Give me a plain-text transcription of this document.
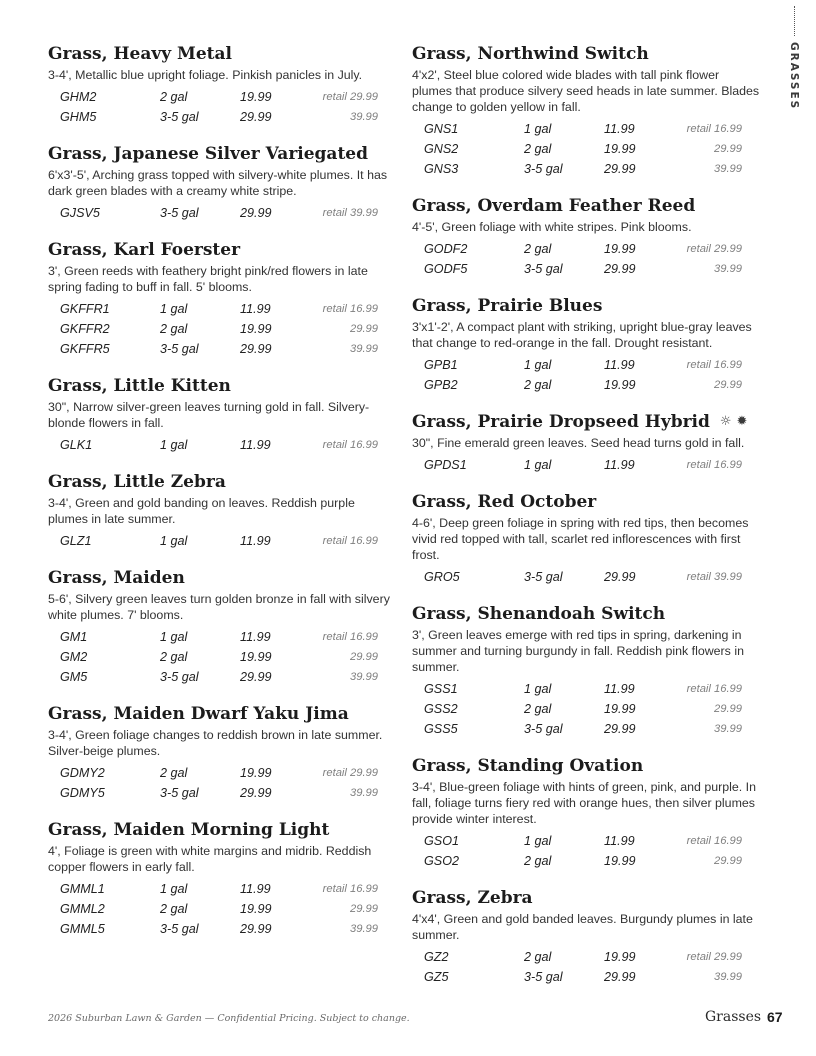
Grass, Heavy Metal
3-4', Metallic blue upright foliage. Pinkish panicles in July.
GHM2	2 gal	19.99	retail 29.99
GHM5	3-5 gal	29.99	39.99
Grass, Japanese Silver Variegated
6'x3'-5', Arching grass topped with silvery-white plumes. It has dark green blades with a creamy white stripe.
GJSV5	3-5 gal	29.99	retail 39.99
Grass, Karl Foerster
3', Green reeds with feathery bright pink/red flowers in late spring fading to buff in fall. 5' blooms.
GKFFR1	1 gal	11.99	retail 16.99
GKFFR2	2 gal	19.99	29.99
GKFFR5	3-5 gal	29.99	39.99
Grass, Little Kitten
30", Narrow silver-green leaves turning gold in fall. Silvery-blonde flowers in fall.
GLK1	1 gal	11.99	retail 16.99
Grass, Little Zebra
3-4', Green and gold banding on leaves. Reddish purple plumes in late summer.
GLZ1	1 gal	11.99	retail 16.99
Grass, Maiden
5-6', Silvery green leaves turn golden bronze in fall with silvery white plumes. 7' blooms.
GM1	1 gal	11.99	retail 16.99
GM2	2 gal	19.99	29.99
GM5	3-5 gal	29.99	39.99
Grass, Maiden Dwarf Yaku Jima
3-4', Green foliage changes to reddish brown in late summer. Silver-beige plumes.
GDMY2	2 gal	19.99	retail 29.99
GDMY5	3-5 gal	29.99	39.99
Grass, Maiden Morning Light
4', Foliage is green with white margins and midrib. Reddish copper flowers in early fall.
GMML1	1 gal	11.99	retail 16.99
GMML2	2 gal	19.99	29.99
GMML5	3-5 gal	29.99	39.99
Grass, Northwind Switch
4'x2', Steel blue colored wide blades with tall pink flower plumes that produce silvery seed heads in late summer. Blades change to golden yellow in fall.
GNS1	1 gal	11.99	retail 16.99
GNS2	2 gal	19.99	29.99
GNS3	3-5 gal	29.99	39.99
Grass, Overdam Feather Reed
4'-5', Green foliage with white stripes. Pink blooms.
GODF2	2 gal	19.99	retail 29.99
GODF5	3-5 gal	29.99	39.99
Grass, Prairie Blues
3'x1'-2', A compact plant with striking, upright blue-gray leaves that change to red-orange in the fall. Drought resistant.
GPB1	1 gal	11.99	retail 16.99
GPB2	2 gal	19.99	29.99
Grass, Prairie Dropseed Hybrid ☼ ✹
30", Fine emerald green leaves. Seed head turns gold in fall.
GPDS1	1 gal	11.99	retail 16.99
Grass, Red October
4-6', Deep green foliage in spring with red tips, then becomes vivid red topped with tall, scarlet red inflorescences with first frost.
GRO5	3-5 gal	29.99	retail 39.99
Grass, Shenandoah Switch
3', Green leaves emerge with red tips in spring, darkening in summer and turning burgundy in fall. Reddish pink flowers in summer.
GSS1	1 gal	11.99	retail 16.99
GSS2	2 gal	19.99	29.99
GSS5	3-5 gal	29.99	39.99
Grass, Standing Ovation
3-4', Blue-green foliage with hints of green, pink, and purple. In fall, foliage turns fiery red with orange hues, then silver plumes provide winter interest.
GSO1	1 gal	11.99	retail 16.99
GSO2	2 gal	19.99	29.99
Grass, Zebra
4'x4', Green and gold banded leaves. Burgundy plumes in late summer.
GZ2	2 gal	19.99	retail 29.99
GZ5	3-5 gal	29.99	39.99
GRASSES
2026 Suburban Lawn & Garden — Confidential Pricing. Subject to change.	Grasses 67
